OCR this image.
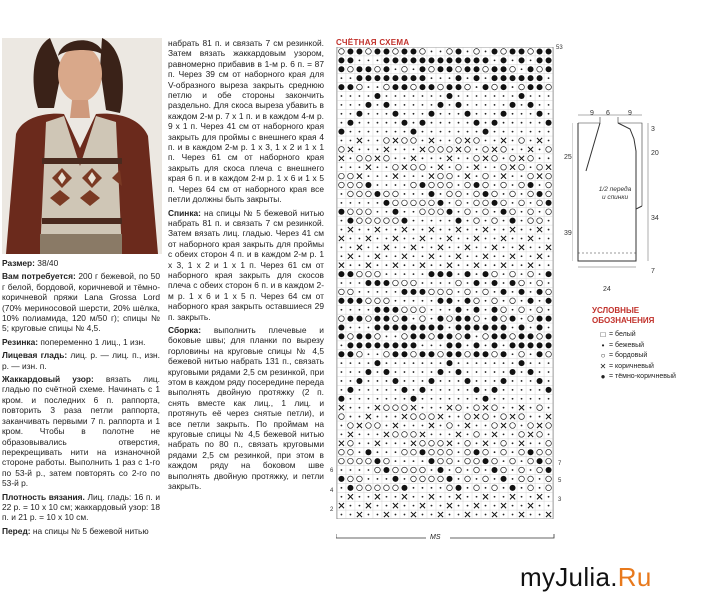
Размер: 38/40

Вам потребуется: 200 г бежевой, по 50 г белой, бордовой, коричневой и тёмно-коричневой пряжи Lana Grossa Lord (70% мериносовой шерсти, 20% шёлка, 10% полиамида, 120 м/50 г); спицы № 5; круговые спицы № 4,5.

Резинка: попеременно 1 лиц., 1 изн.

Лицевая гладь: лиц. р. — лиц. п., изн. р. — изн. п.

Жаккардовый узор: вязать лиц. гладью по счётной схеме. Начинать с 1 кром. и последних 6 п. раппорта, повторить 3 раза петли раппорта, заканчивать первыми 7 п. раппорта и 1 кром. Чтобы в полотне не образовывались отверстия, перекрещивать нити на изнаночной стороне работы. Выполнить 1 раз с 1-го по 53-й р., затем повторять со 2-го по 53-й р.

Плотность вязания. Лиц. гладь: 16 п. и 22 р. = 10 х 10 см; жаккардовый узор: 18 п. и 21 р. = 10 х 10 см.

Перед: на спицы № 5 бежевой нитью

набрать 81 п. и связать 7 см резинкой. Затем вязать жаккардовым узором, равномерно прибавив в 1-м р. 6 п. = 87 п. Через 39 см от наборного края для V-образного выреза закрыть среднюю петлю и обе стороны закончить раздельно. Для скоса выреза убавить в каждом 2-м р. 7 х 1 п. и в каждом 4-м р. 9 х 1 п. Через 41 см от наборного края закрыть для проймы с внешнего края 4 п. и в каждом 2-м р. 1 х 3, 1 х 2 и 1 х 1 п. Через 61 см от наборного края закрыть для скоса плеча с внешнего края 6 п. и в каждом 2-м р. 1 х 6 и 1 х 5 п. Через 64 см от наборного края все петли должны быть закрыты.

Спинка: на спицы № 5 бежевой нитью набрать 81 п. и связать 7 см резинкой. Затем вязать лиц. гладью. Через 41 см от наборного края закрыть для проймы с обеих сторон 4 п. и в каждом 2-м р. 1 х 3, 1 х 2 и 1 х 1 п. Через 61 см от наборного края закрыть для скосов плеча с обеих сторон 6 п. и в каждом 2-м р. 1 х 6 и 1 х 5 п. Через 64 см от наборного края закрыть оставшиеся 29 п. закрыть.

Сборка: выполнить плечевые и боковые швы; для планки по вырезу горловины на круговые спицы № 4,5 бежевой нитью набрать 131 п., связать круговыми рядами 2,5 см резинкой, при этом в каждом ряду посередине переда выполнять двойную протяжку (2 п. снять вместе как лиц., 1 лиц. и протянуть её через снятые петли), и все петли закрыть. По проймам на круговые спицы № 4,5 бежевой нитью набрать по 80 п., связать круговыми рядами 2,5 см резинкой, при этом в каждом ряду на боковом шве выполнять двойную протяжку, и петли закрыть.

СЧЁТНАЯ СХЕМА
53
6
4
2
7
5
3
MS
9 6	9
3
20
34
7
25
39
24
1/2 переда
и спинки
УСЛОВНЫЕ
ОБОЗНАЧЕНИЯ
□ = белый
• = бежевый
○ = бордовый
✕ = коричневый
● = тёмно-коричневый
myJulia.Ru
